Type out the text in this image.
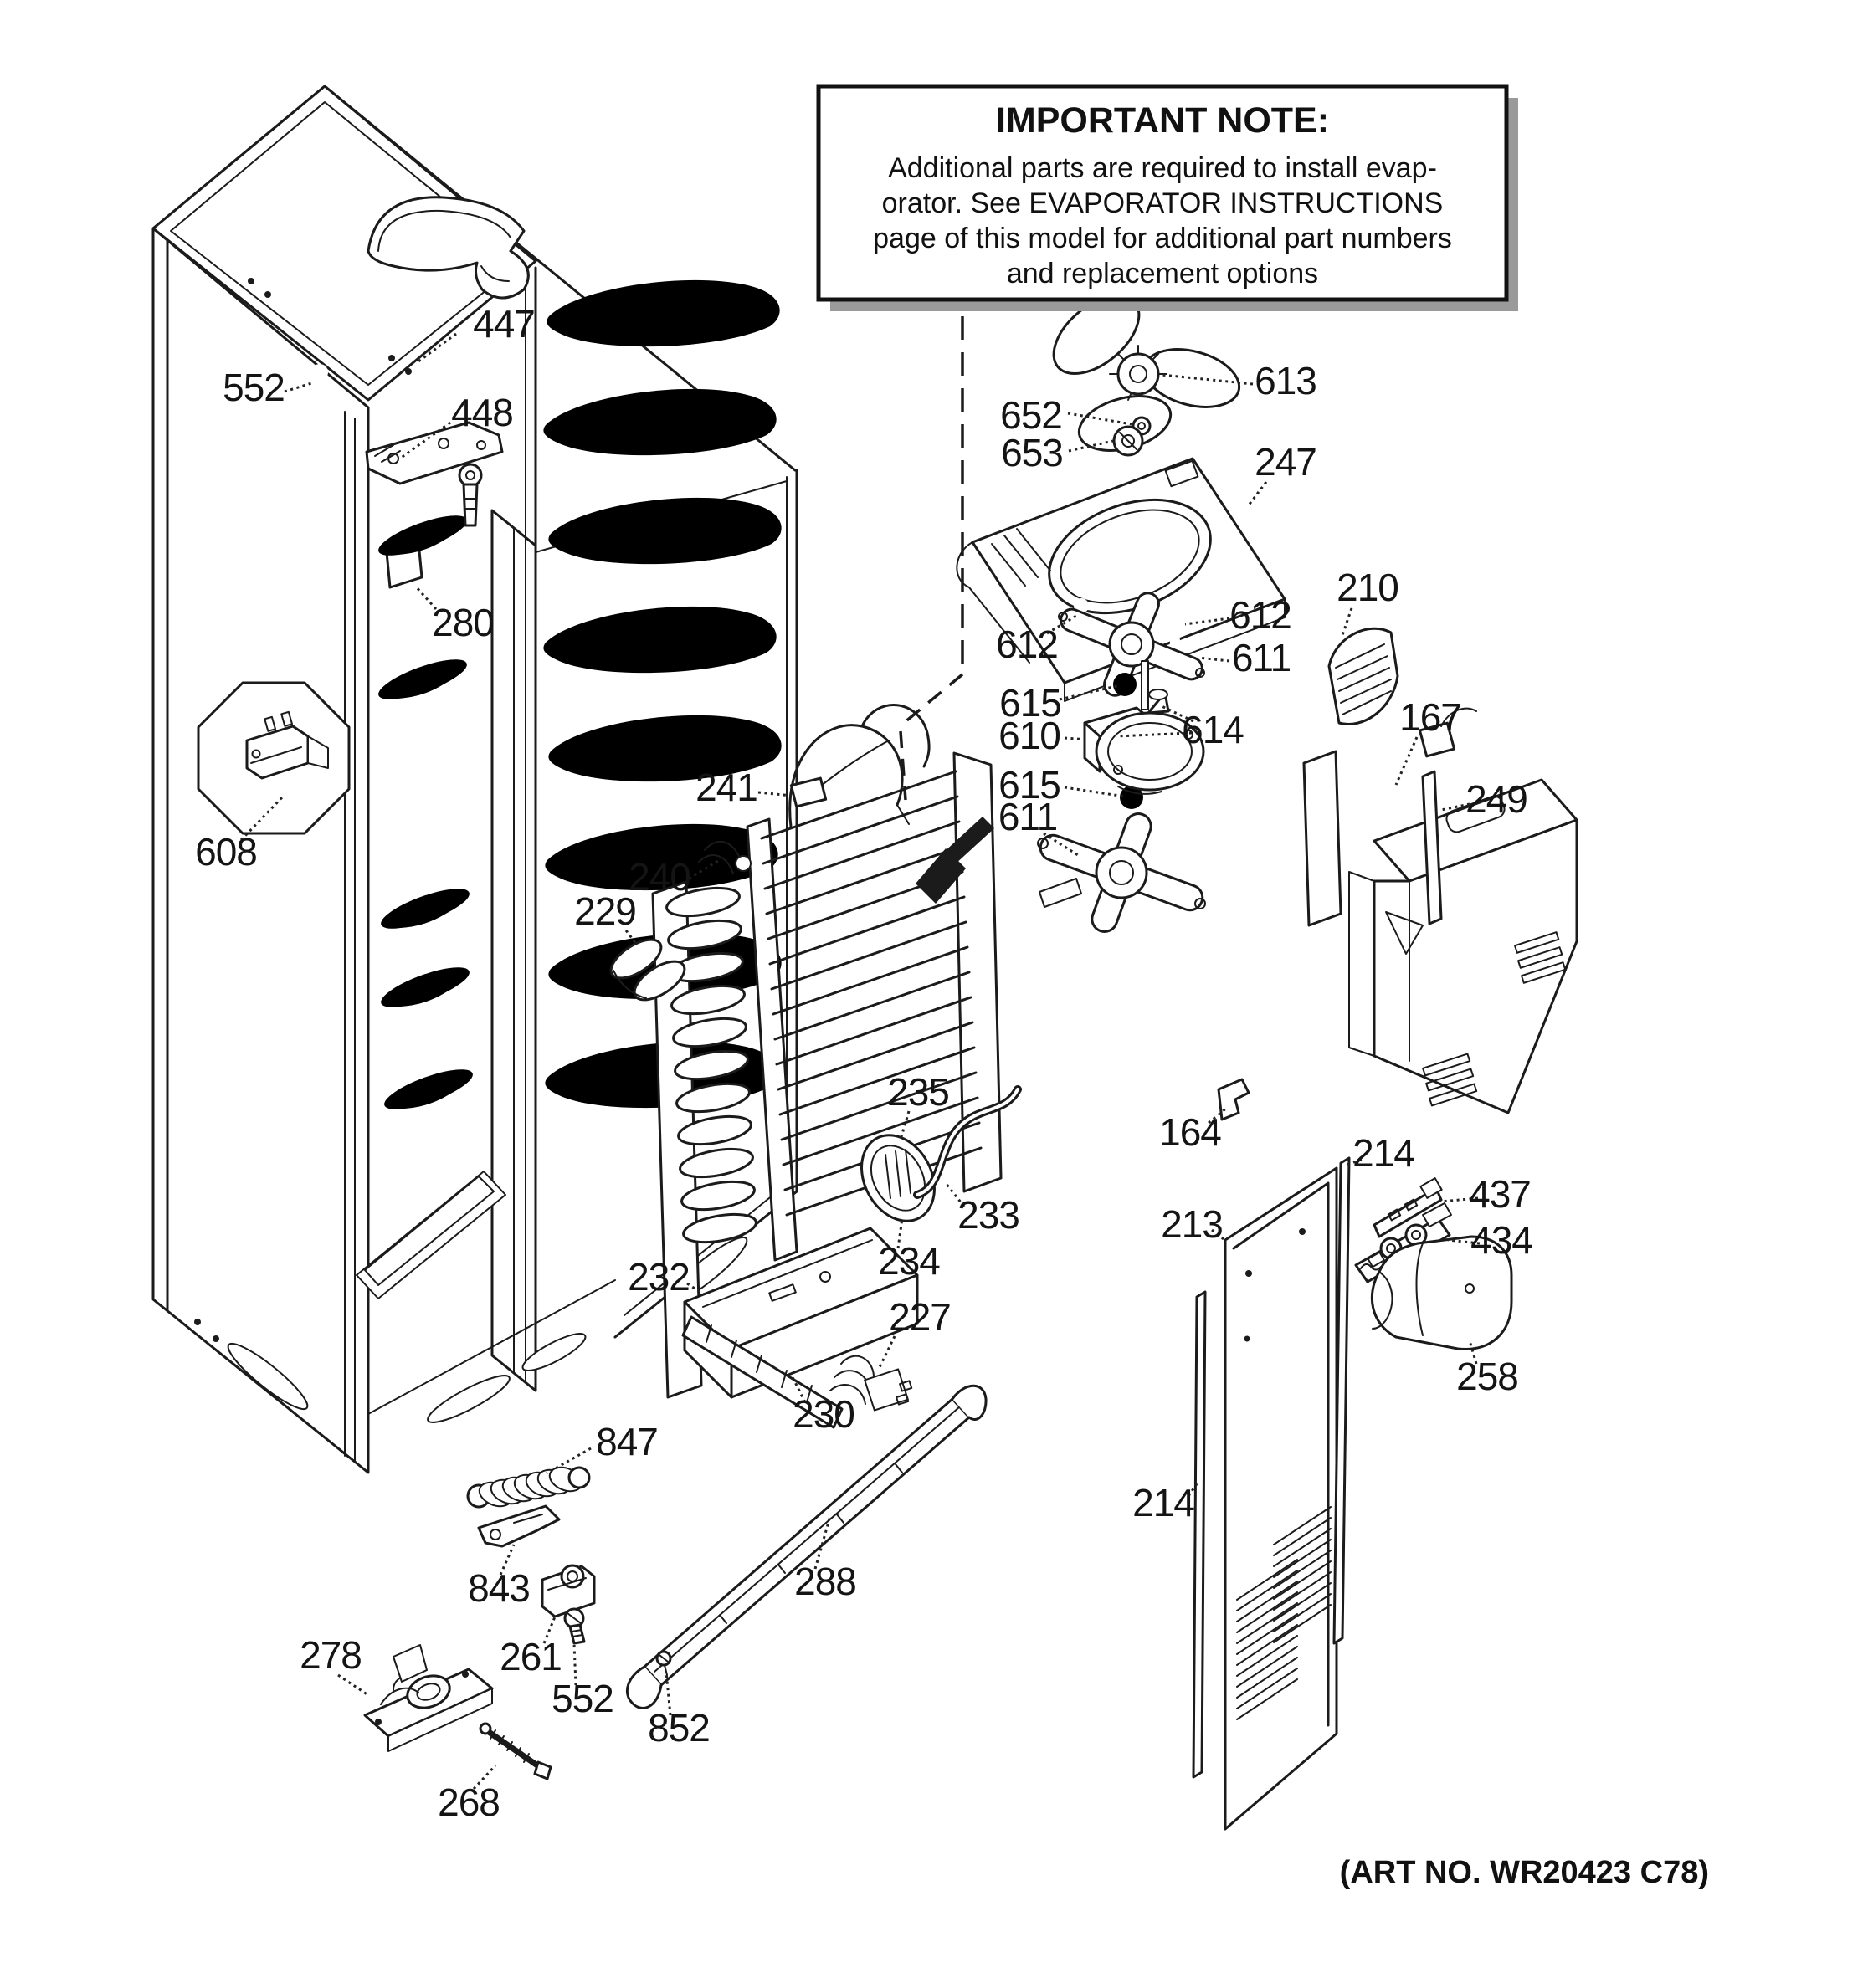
IMPORTANT NOTE:
Additional parts are required to install evap-
orator. See EVAPORATOR INSTRUCTIONS
page of this model for additional part numbers
and replacement options
(ART NO. WR20423 C78)
447
552
448
280
608
241
240
229
613
652
653	247
612
611
612
614
615
610
615
611
210
167
249
164	214
213
437
434
258
214
235
233
234
232
227
230
288
847
843
261
552
852
278
268
